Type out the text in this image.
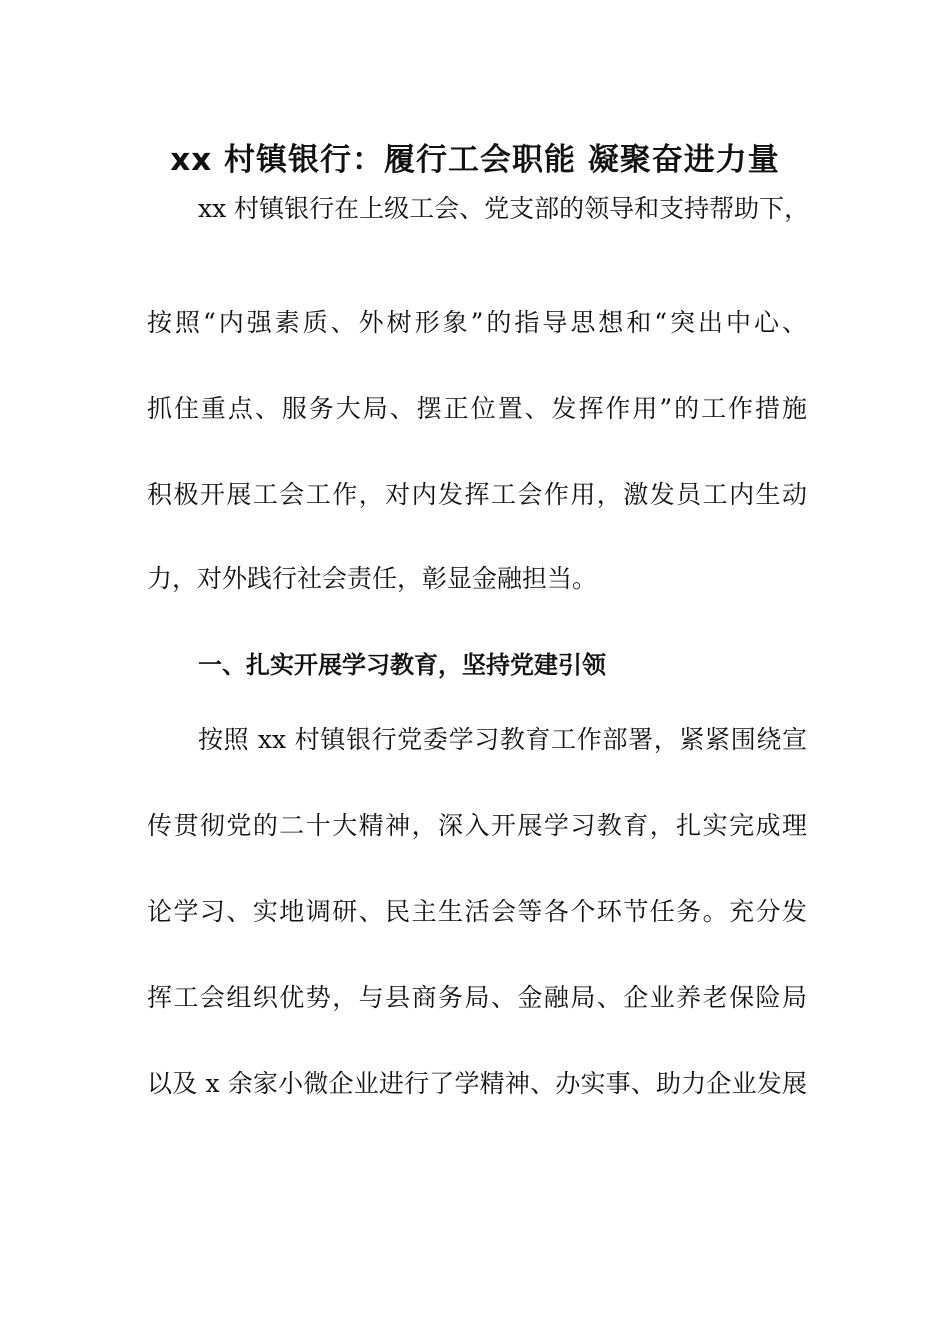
xx 村镇银行：履行工会职能 凝聚奋进力量

xx 村镇银行在上级工会、党支部的领导和支持帮助下，

按照“内强素质、外树形象”的指导思想和“突出中心、

抓住重点、服务大局、摆正位置、发挥作用”的工作措施

积极开展工会工作，对内发挥工会作用，激发员工内生动

力，对外践行社会责任，彰显金融担当。

一、扎实开展学习教育，坚持党建引领

按照 xx 村镇银行党委学习教育工作部署，紧紧围绕宣

传贯彻党的二十大精神，深入开展学习教育，扎实完成理

论学习、实地调研、民主生活会等各个环节任务。充分发

挥工会组织优势，与县商务局、金融局、企业养老保险局

以及 x 余家小微企业进行了学精神、办实事、助力企业发展
